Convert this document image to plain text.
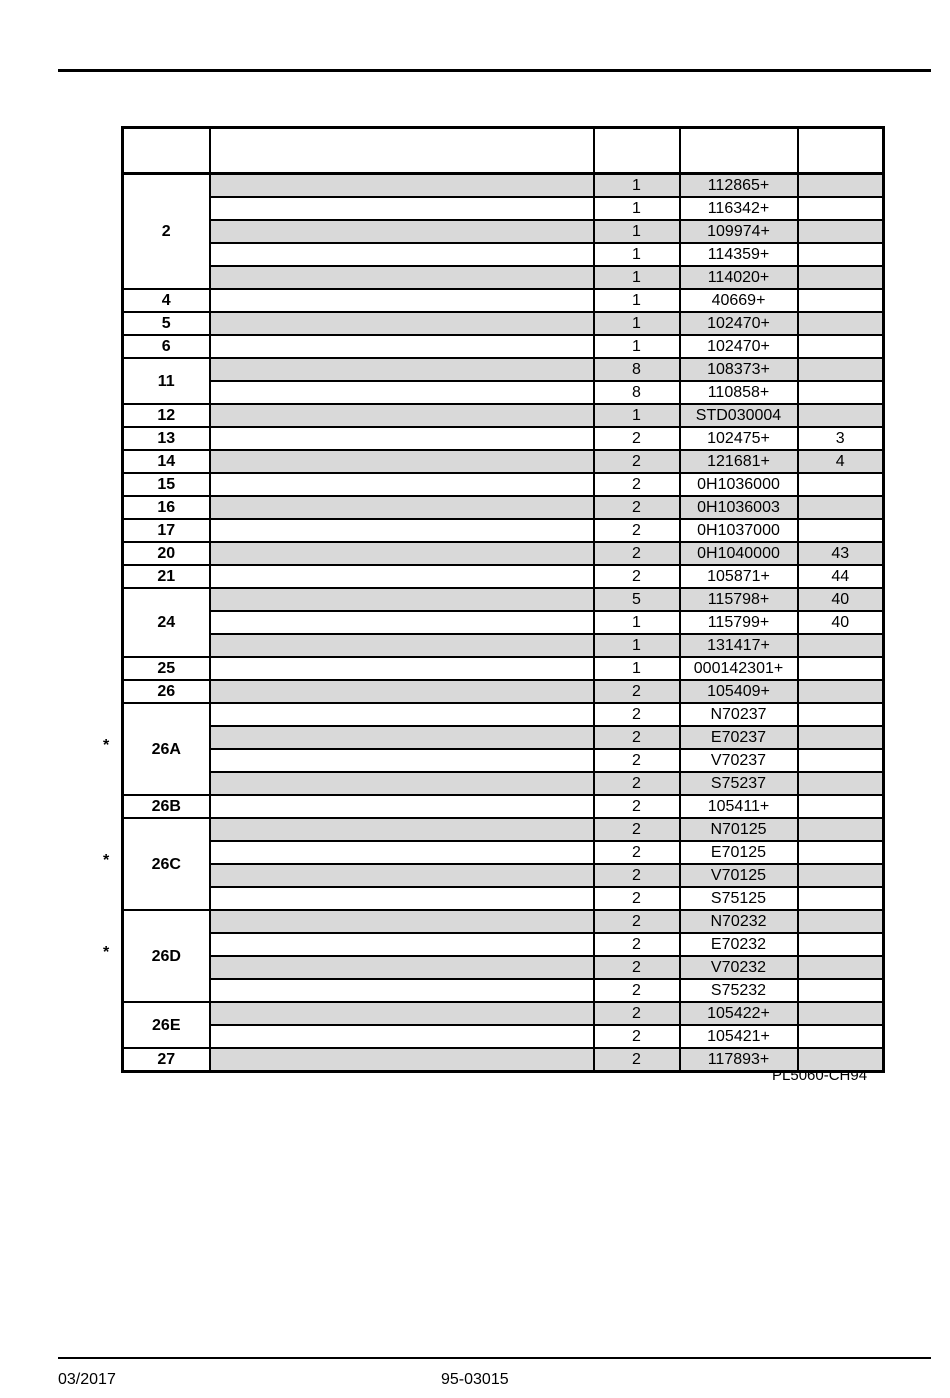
2		1	112865+	
		1	116342+	
		1	109974+	
		1	114359+	
		1	114020+	
4		1	40669+	
5		1	102470+	
6		1	102470+	
11		8	108373+	
		8	110858+	
12		1	STD030004	
13		2	102475+	3
14		2	121681+	4
15		2	0H1036000	
16		2	0H1036003	
17		2	0H1037000	
20		2	0H1040000	43
21		2	105871+	44
24		5	115798+	40
		1	115799+	40
		1	131417+	
25		1	000142301+	
26		2	105409+	
26A		2	N70237	
		2	E70237	
		2	V70237	
		2	S75237	
26B		2	105411+	
26C		2	N70125	
		2	E70125	
		2	V70125	
		2	S75125	
26D		2	N70232	
		2	E70232	
		2	V70232	
		2	S75232	
26E		2	105422+	
		2	105421+	
27		2	117893+	
*
*
*
PL5060-CH94
03/2017	95-03015
